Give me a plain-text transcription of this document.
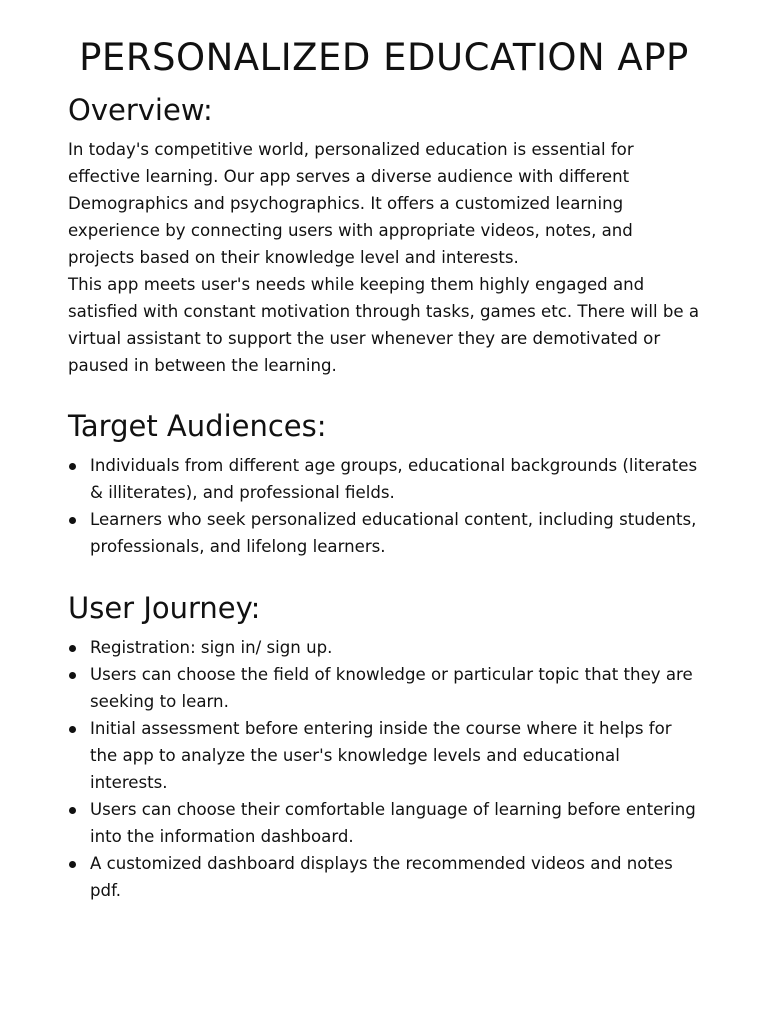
PERSONALIZED EDUCATION APP
Overview:

In today's competitive world, personalized education is essential for effective learning. Our app serves a diverse audience with different Demographics and psychographics. It offers a customized learning experience by connecting users with appropriate videos, notes, and projects based on their knowledge level and interests.

This app meets user's needs while keeping them highly engaged and satisfied with constant motivation through tasks, games etc. There will be a virtual assistant to support the user whenever they are demotivated or paused in between the learning.

Target Audiences:
Individuals from different age groups, educational backgrounds (literates & illiterates), and professional fields.
Learners who seek personalized educational content, including students, professionals, and lifelong learners.
User Journey:
Registration: sign in/ sign up.
Users can choose the field of knowledge or particular topic that they are seeking to learn.
Initial assessment before entering inside the course where it helps for the app to analyze the user's knowledge levels and educational interests.
Users can choose their comfortable language of learning before entering into the information dashboard.
A customized dashboard displays the recommended videos and notes pdf.
